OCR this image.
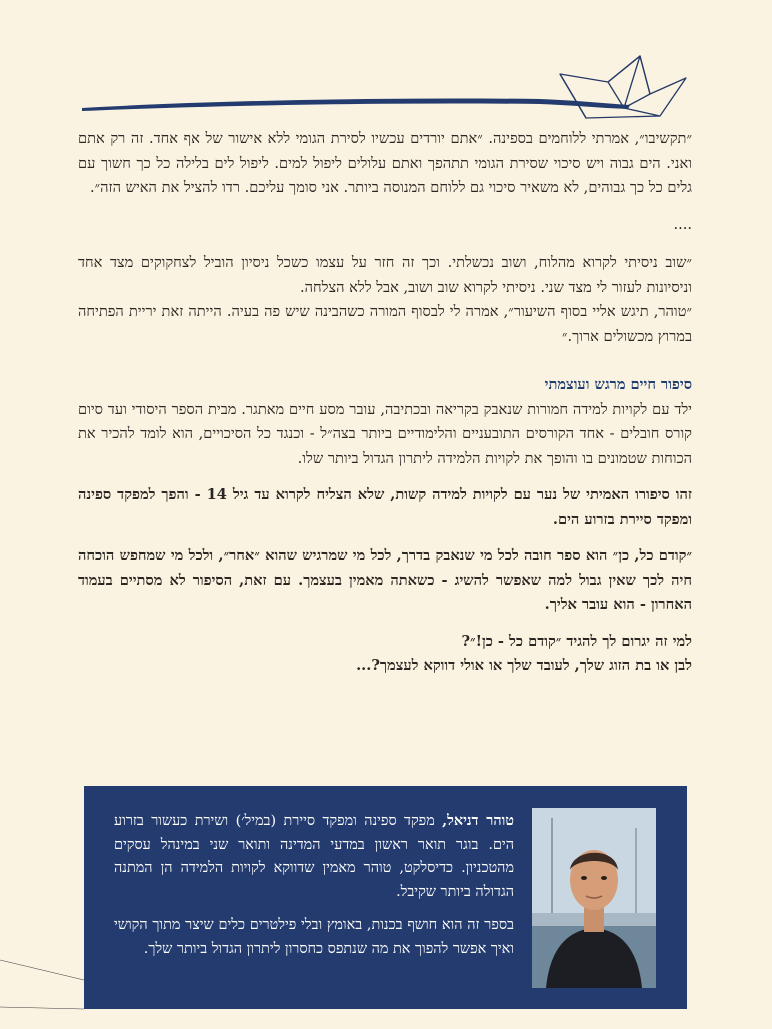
״תקשיבו״, אמרתי ללוחמים בספינה. ״אתם יורדים עכשיו לסירת הגומי ללא אישור של אף אחד. זה רק אתם ואני. הים גבוה ויש סיכוי שסירת הגומי תתהפך ואתם עלולים ליפול למים. ליפול לים בלילה כל כך חשוך עם גלים כל כך גבוהים, לא משאיר סיכוי גם ללוחם המנוסה ביותר. אני סומך עליכם. רדו להציל את האיש הזה״.

....

״שוב ניסיתי לקרוא מהלוח, ושוב נכשלתי. וכך זה חזר על עצמו כשכל ניסיון הוביל לצחקוקים מצד אחד וניסיונות לעזור לי מצד שני. ניסיתי לקרוא שוב ושוב, אבל ללא הצלחה.

״טוהר, תיגש אליי בסוף השיעור״, אמרה לי לבסוף המורה כשהבינה שיש פה בעיה. הייתה זאת יריית הפתיחה במרוץ מכשולים ארוך.״

סיפור חיים מרגש ועוצמתי

ילד עם לקויות למידה חמורות שנאבק בקריאה ובכתיבה, עובר מסע חיים מאתגר. מבית הספר היסודי ועד סיום קורס חובלים - אחד הקורסים התובעניים והלימודיים ביותר בצה״ל - וכנגד כל הסיכויים, הוא לומד להכיר את הכוחות שטמונים בו והופך את לקויות הלמידה ליתרון הגדול ביותר שלו.

זהו סיפורו האמיתי של נער עם לקויות למידה קשות, שלא הצליח לקרוא עד גיל 14 - והפך למפקד ספינה ומפקד סיירת בזרוע הים.

״קודם כל, כן״ הוא ספר חובה לכל מי שנאבק בדרך, לכל מי שמרגיש שהוא ״אחר״, ולכל מי שמחפש הוכחה חיה לכך שאין גבול למה שאפשר להשיג - כשאתה מאמין בעצמך. עם זאת, הסיפור לא מסתיים בעמוד האחרון - הוא עובר אליך.

למי זה יגרום לך להגיד ״קודם כל - כן!״?

לבן או בת הזוג שלך, לעובד שלך או אולי דווקא לעצמך?...

טוהר דניאל, מפקד ספינה ומפקד סיירת (במיל׳) ושירת כעשור בזרוע הים. בוגר תואר ראשון במדעי המדינה ותואר שני במינהל עסקים מהטכניון. כדיסלקט, טוהר מאמין שדווקא לקויות הלמידה הן המתנה הגדולה ביותר שקיבל.

בספר זה הוא חושף בכנות, באומץ ובלי פילטרים כלים שיצר מתוך הקושי ואיך אפשר להפוך את מה שנתפס כחסרון ליתרון הגדול ביותר שלך.
